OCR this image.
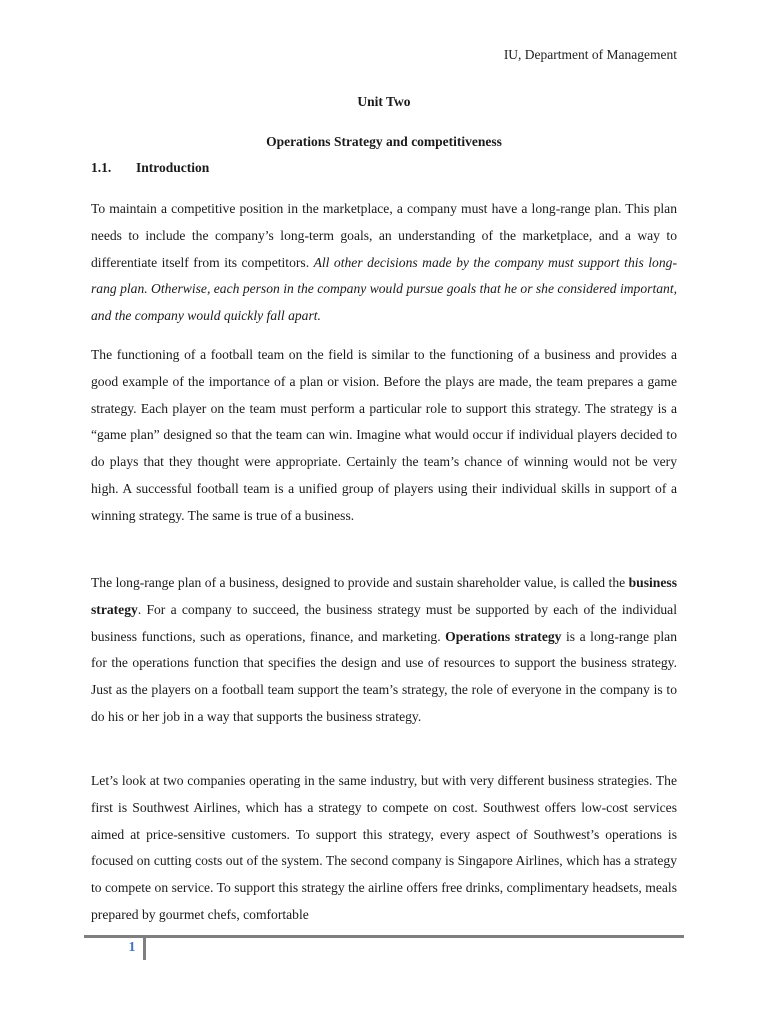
IU, Department of Management
Unit Two
Operations Strategy and competitiveness
1.1. Introduction

To maintain a competitive position in the marketplace, a company must have a long-range plan. This plan needs to include the company’s long-term goals, an understanding of the marketplace, and a way to differentiate itself from its competitors. All other decisions made by the company must support this long-rang plan. Otherwise, each person in the company would pursue goals that he or she considered important, and the company would quickly fall apart.

The functioning of a football team on the field is similar to the functioning of a business and provides a good example of the importance of a plan or vision. Before the plays are made, the team prepares a game strategy. Each player on the team must perform a particular role to support this strategy. The strategy is a “game plan” designed so that the team can win. Imagine what would occur if individual players decided to do plays that they thought were appropriate. Certainly the team’s chance of winning would not be very high. A successful football team is a unified group of players using their individual skills in support of a winning strategy. The same is true of a business.

The long-range plan of a business, designed to provide and sustain shareholder value, is called the business strategy. For a company to succeed, the business strategy must be supported by each of the individual business functions, such as operations, finance, and marketing. Operations strategy is a long-range plan for the operations function that specifies the design and use of resources to support the business strategy. Just as the players on a football team support the team’s strategy, the role of everyone in the company is to do his or her job in a way that supports the business strategy.

Let’s look at two companies operating in the same industry, but with very different business strategies. The first is Southwest Airlines, which has a strategy to compete on cost. Southwest offers low-cost services aimed at price-sensitive customers. To support this strategy, every aspect of Southwest’s operations is focused on cutting costs out of the system. The second company is Singapore Airlines, which has a strategy to compete on service. To support this strategy the airline offers free drinks, complimentary headsets, meals prepared by gourmet chefs, comfortable

1
